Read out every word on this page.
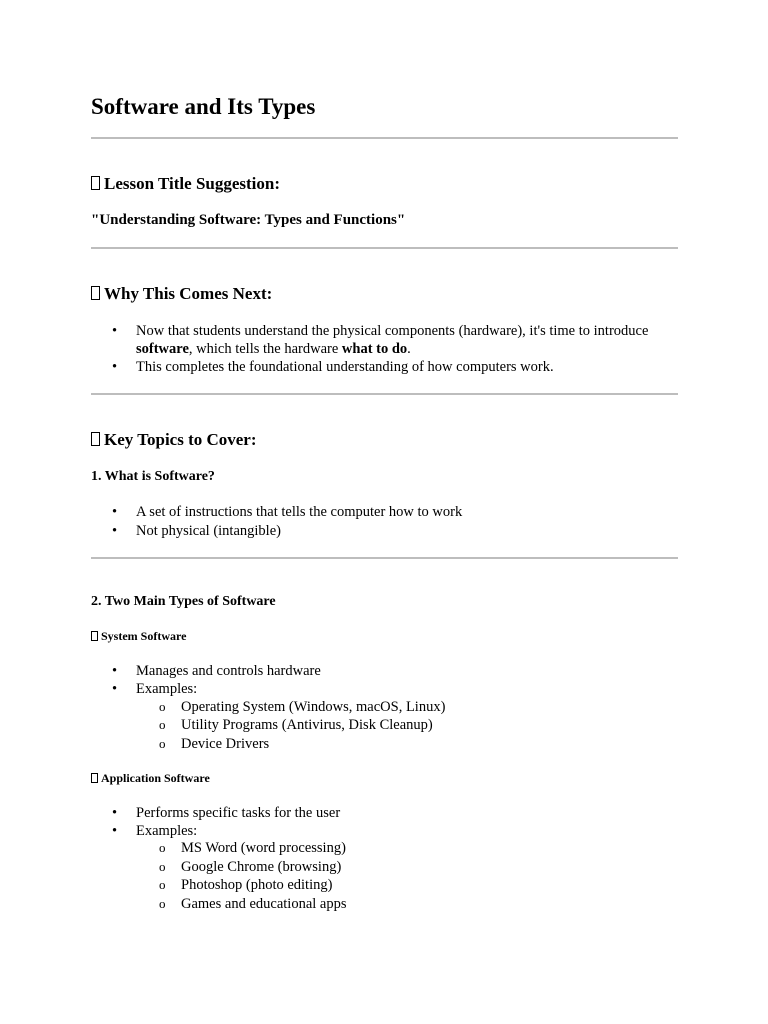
Software and Its Types
Lesson Title Suggestion:
"Understanding Software: Types and Functions"
Why This Comes Next:
• Now that students understand the physical components (hardware), it's time to introduce
software, which tells the hardware what to do.
• This completes the foundational understanding of how computers work.
Key Topics to Cover:
1. What is Software?
• A set of instructions that tells the computer how to work
• Not physical (intangible)
2. Two Main Types of Software
System Software
• Manages and controls hardware
• Examples:
o Operating System (Windows, macOS, Linux)
o Utility Programs (Antivirus, Disk Cleanup)
o Device Drivers
Application Software
• Performs specific tasks for the user
• Examples:
o MS Word (word processing)
o Google Chrome (browsing)
o Photoshop (photo editing)
o Games and educational apps
